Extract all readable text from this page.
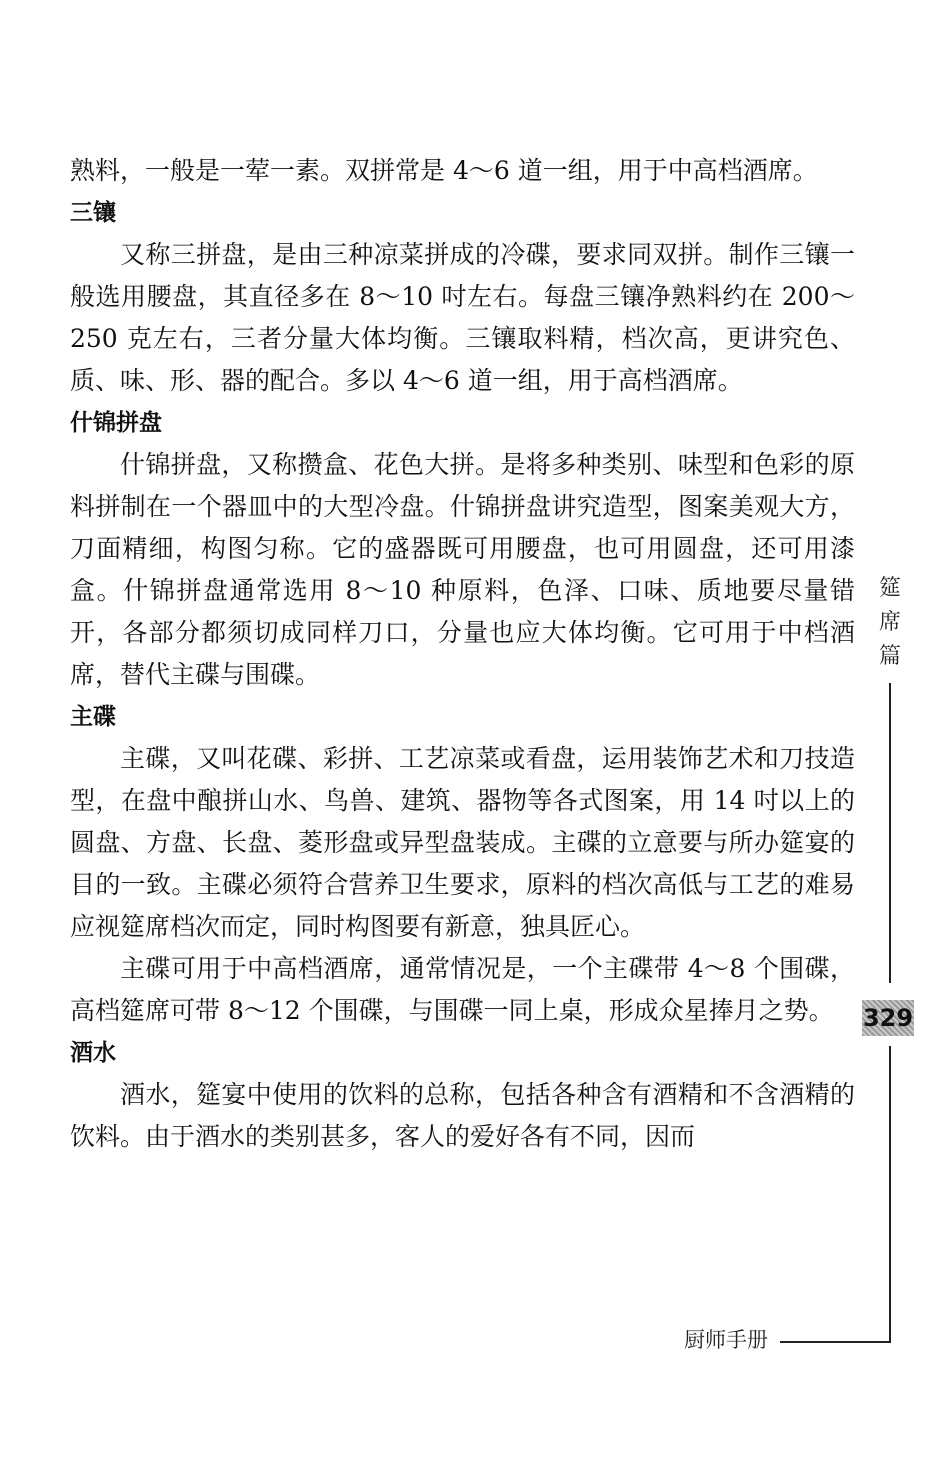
熟料，一般是一荤一素。双拼常是 4～6 道一组，用于中高档酒席。

三镶

又称三拼盘，是由三种凉菜拼成的冷碟，要求同双拼。制作三镶一般选用腰盘，其直径多在 8～10 吋左右。每盘三镶净熟料约在 200～250 克左右，三者分量大体均衡。三镶取料精，档次高，更讲究色、质、味、形、器的配合。多以 4～6 道一组，用于高档酒席。

什锦拼盘

什锦拼盘，又称攒盒、花色大拼。是将多种类别、味型和色彩的原料拼制在一个器皿中的大型冷盘。什锦拼盘讲究造型，图案美观大方，刀面精细，构图匀称。它的盛器既可用腰盘，也可用圆盘，还可用漆盒。什锦拼盘通常选用 8～10 种原料，色泽、口味、质地要尽量错开，各部分都须切成同样刀口，分量也应大体均衡。它可用于中档酒席，替代主碟与围碟。

主碟

主碟，又叫花碟、彩拼、工艺凉菜或看盘，运用装饰艺术和刀技造型，在盘中酿拼山水、鸟兽、建筑、器物等各式图案，用 14 吋以上的圆盘、方盘、长盘、菱形盘或异型盘装成。主碟的立意要与所办筵宴的目的一致。主碟必须符合营养卫生要求，原料的档次高低与工艺的难易应视筵席档次而定，同时构图要有新意，独具匠心。

主碟可用于中高档酒席，通常情况是，一个主碟带 4～8 个围碟，高档筵席可带 8～12 个围碟，与围碟一同上桌，形成众星捧月之势。

酒水

酒水，筵宴中使用的饮料的总称，包括各种含有酒精和不含酒精的饮料。由于酒水的类别甚多，客人的爱好各有不同，因而

筵席篇
329
厨师手册
